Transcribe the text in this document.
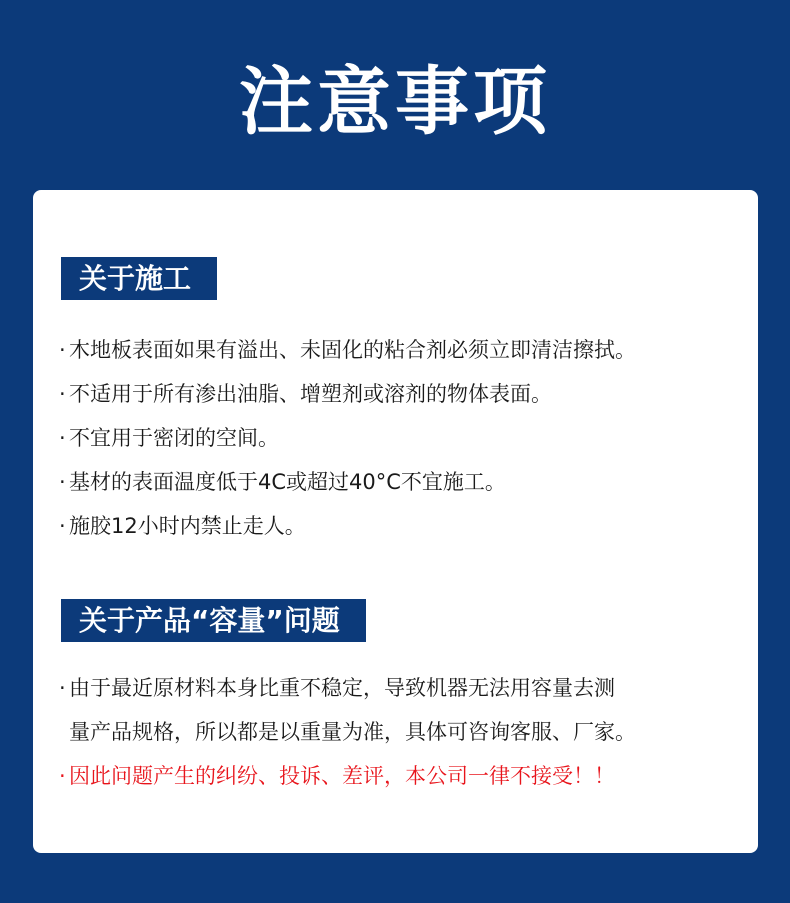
注意事项
关于施工
· 木地板表面如果有溢出、未固化的粘合剂必须立即清洁擦拭。
· 不适用于所有渗出油脂、增塑剂或溶剂的物体表面。
· 不宜用于密闭的空间。
· 基材的表面温度低于4C或超过40°C不宜施工。
· 施胶12小时内禁止走人。
关于产品“容量”问题
· 由于最近原材料本身比重不稳定，导致机器无法用容量去测
量产品规格，所以都是以重量为准，具体可咨询客服、厂家。
· 因此问题产生的纠纷、投诉、差评，本公司一律不接受！！
